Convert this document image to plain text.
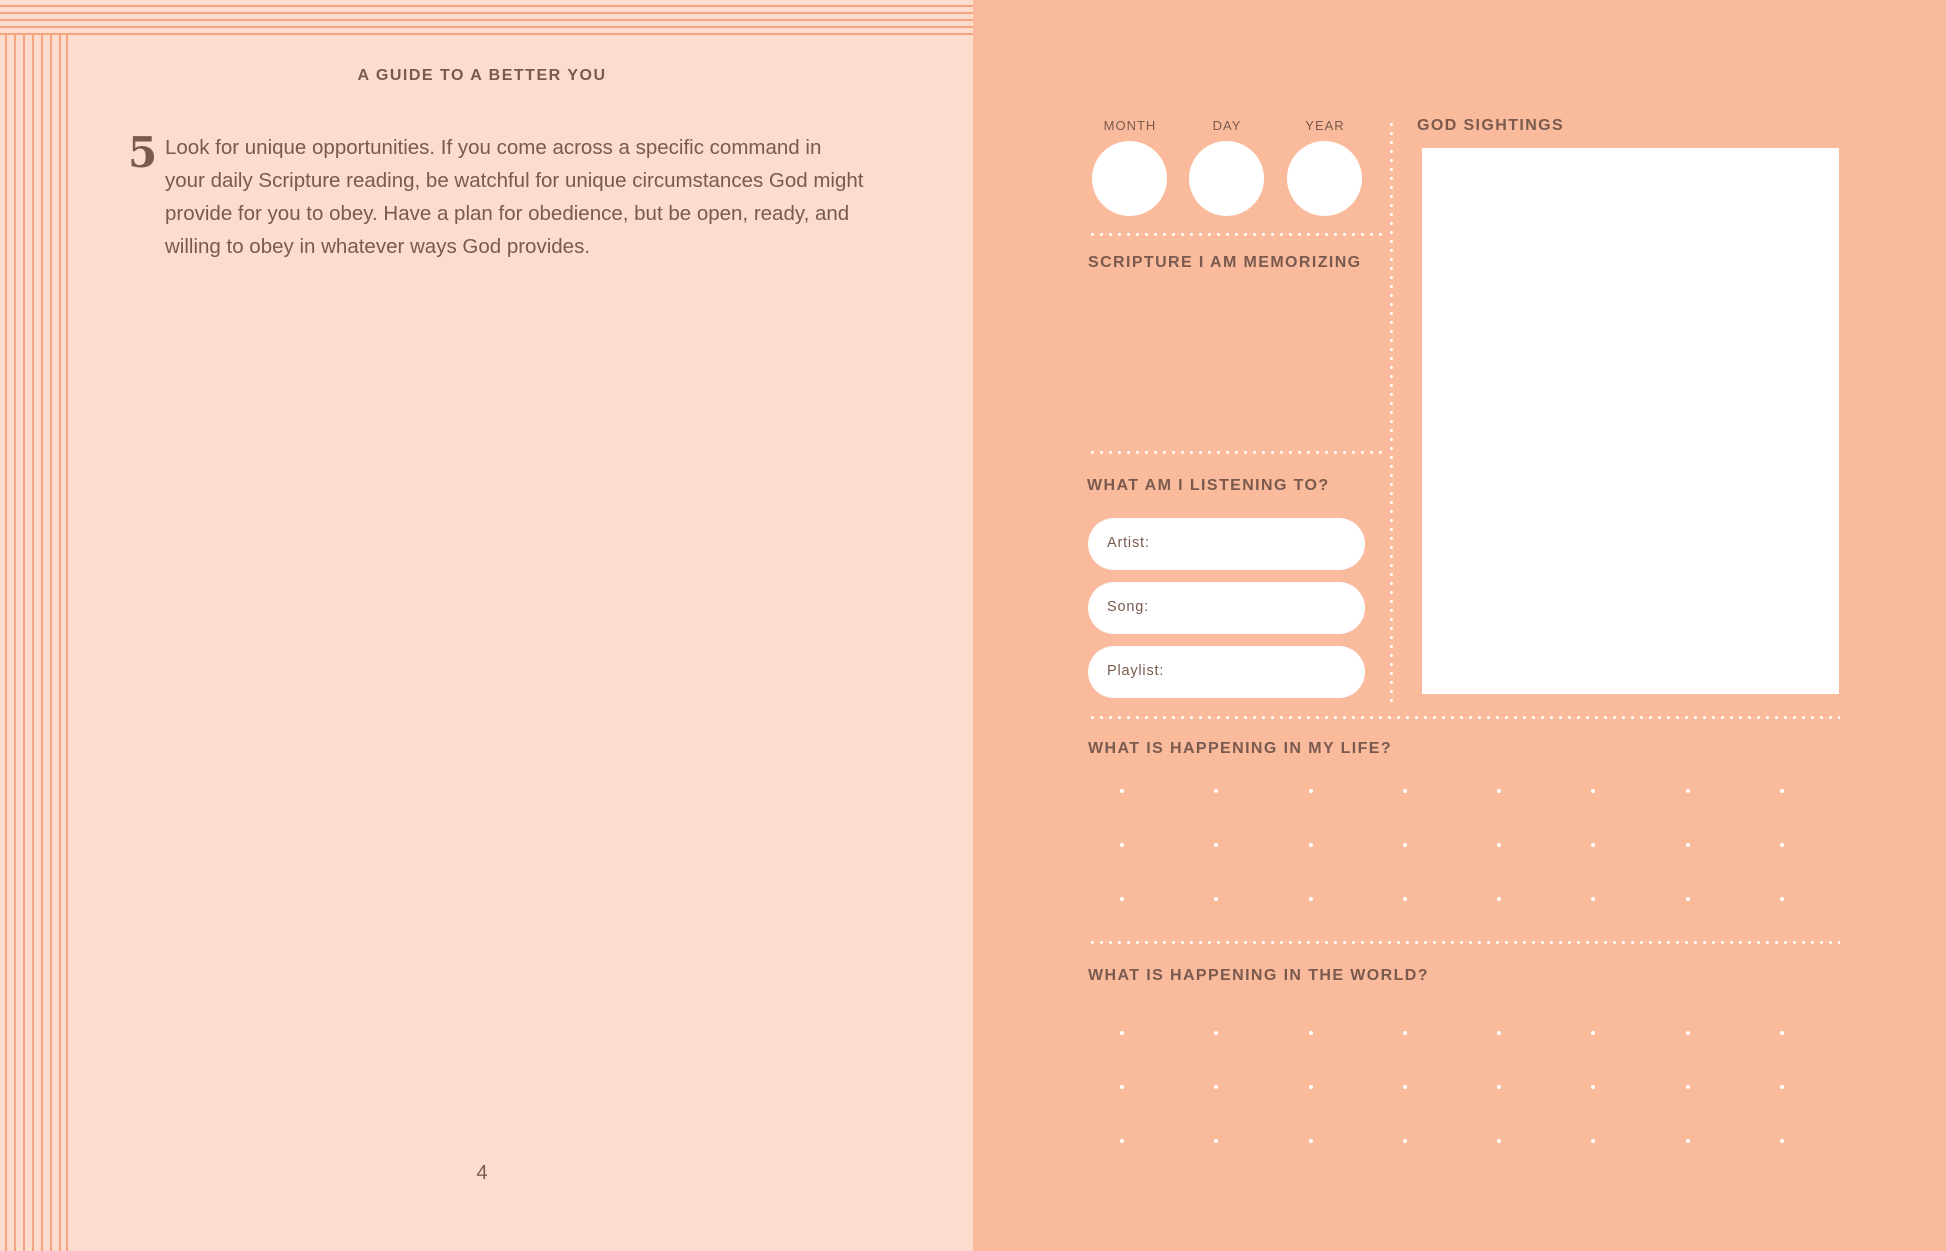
A GUIDE TO A BETTER YOU
5 Look for unique opportunities. If you come across a specific command in your daily Scripture reading, be watchful for unique circumstances God might provide for you to obey. Have a plan for obedience, but be open, ready, and willing to obey in whatever ways God provides.
4
MONTH	DAY	YEAR	GOD SIGHTINGS
SCRIPTURE I AM MEMORIZING
WHAT AM I LISTENING TO?
Artist:
Song:
Playlist:
WHAT IS HAPPENING IN MY LIFE?
WHAT IS HAPPENING IN THE WORLD?
